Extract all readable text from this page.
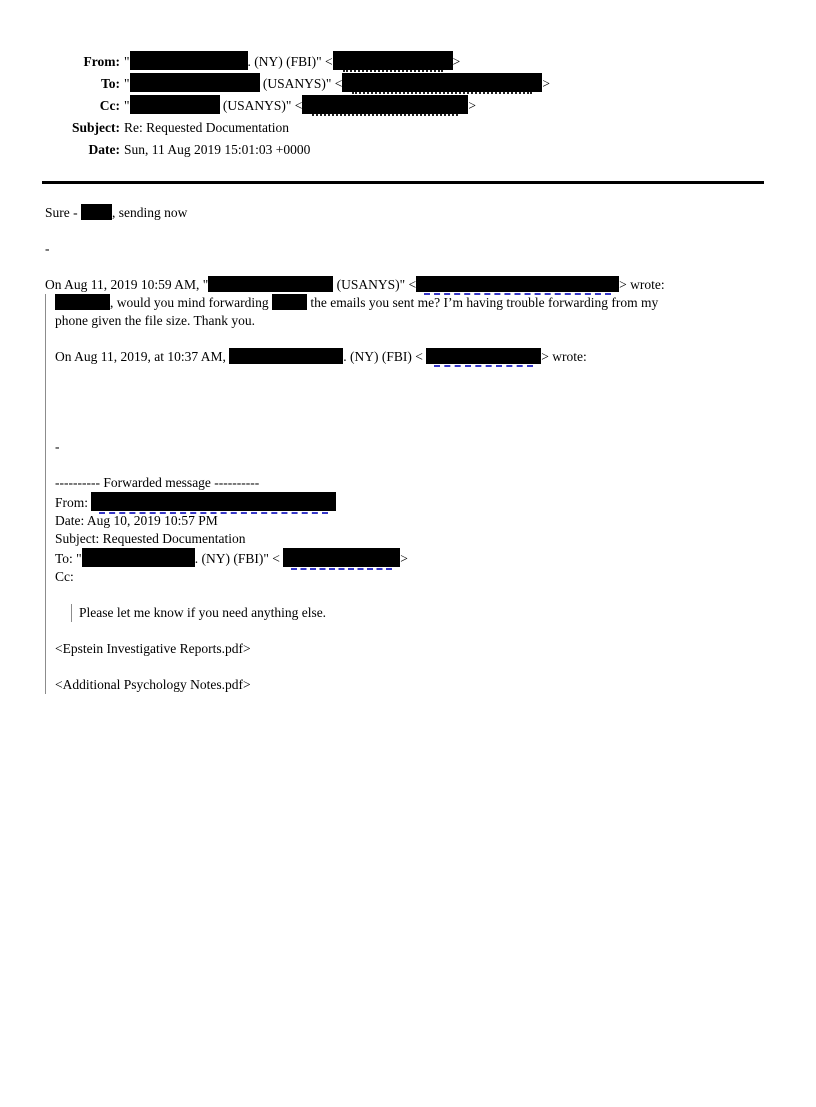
From: "	. (NY) (FBI)" <	>
To: "	(USANYS)" <	>
Cc: "	(USANYS)" <	>
Subject: Re: Requested Documentation
Date: Sun, 11 Aug 2019 15:01:03 +0000
Sure - , sending now
-
On Aug 11, 2019 10:59 AM, "	(USANYS)" <	> wrote:
, would you mind forwarding	the emails you sent me? I’m having trouble forwarding from my
phone given the file size. Thank you.
On Aug 11, 2019, at 10:37 AM,	. (NY) (FBI) <	> wrote:
-
---------- Forwarded message ----------
From:
Date: Aug 10, 2019 10:57 PM
Subject: Requested Documentation
To: "	. (NY) (FBI)" <	>
Cc:
Please let me know if you need anything else.
<Epstein Investigative Reports.pdf>
<Additional Psychology Notes.pdf>
